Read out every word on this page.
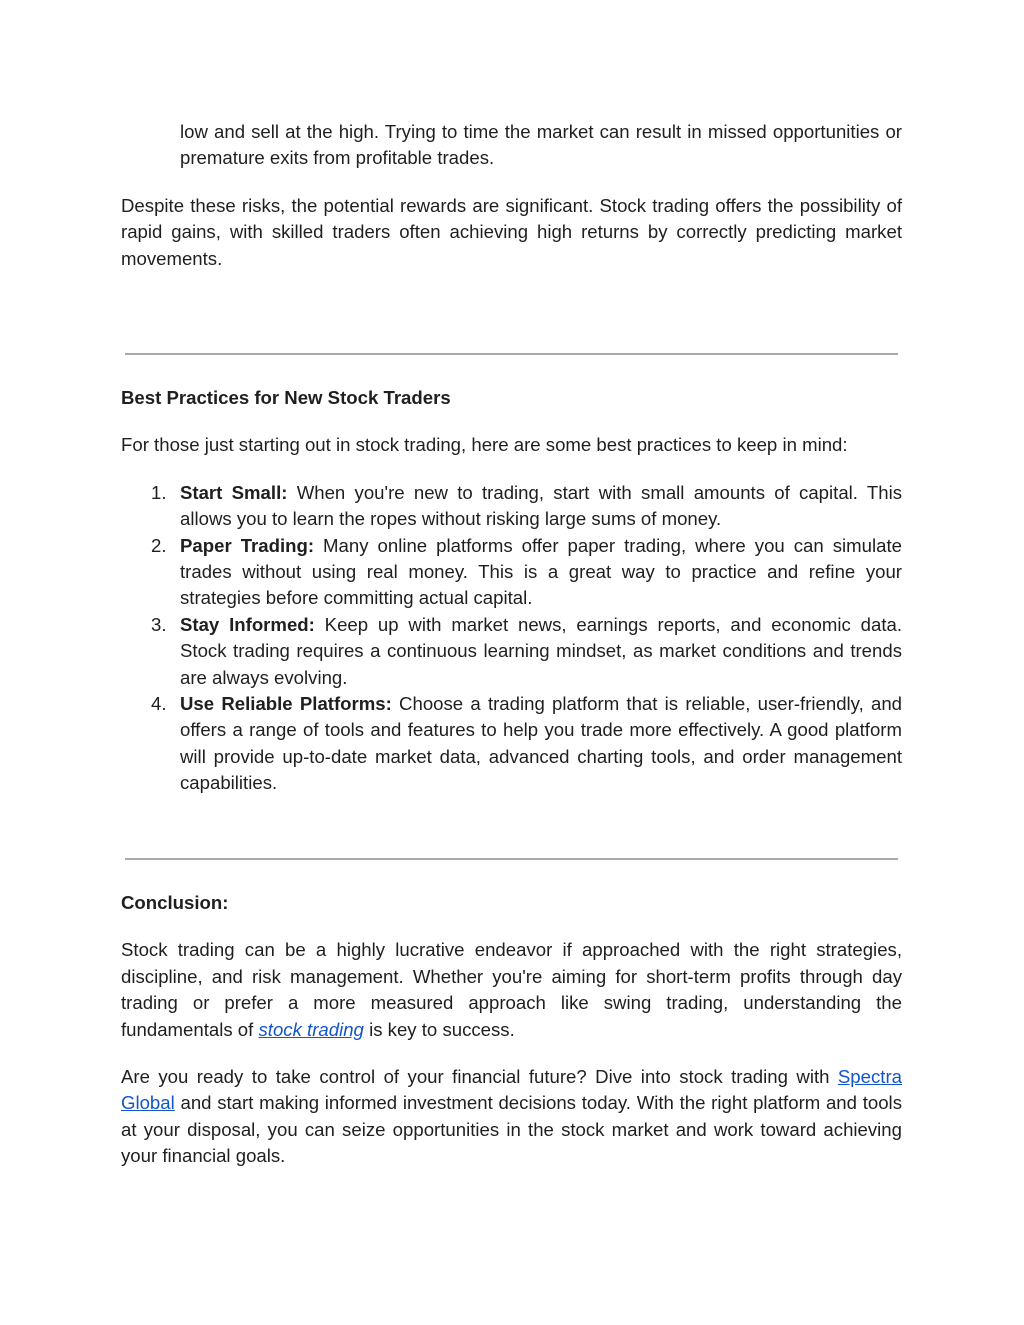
low and sell at the high. Trying to time the market can result in missed opportunities or premature exits from profitable trades.

Despite these risks, the potential rewards are significant. Stock trading offers the possibility of rapid gains, with skilled traders often achieving high returns by correctly predicting market movements.

Best Practices for New Stock Traders

For those just starting out in stock trading, here are some best practices to keep in mind:

1. Start Small: When you're new to trading, start with small amounts of capital. This allows you to learn the ropes without risking large sums of money.
2. Paper Trading: Many online platforms offer paper trading, where you can simulate trades without using real money. This is a great way to practice and refine your strategies before committing actual capital.
3. Stay Informed: Keep up with market news, earnings reports, and economic data. Stock trading requires a continuous learning mindset, as market conditions and trends are always evolving.
4. Use Reliable Platforms: Choose a trading platform that is reliable, user-friendly, and offers a range of tools and features to help you trade more effectively. A good platform will provide up-to-date market data, advanced charting tools, and order management capabilities.
Conclusion:

Stock trading can be a highly lucrative endeavor if approached with the right strategies, discipline, and risk management. Whether you're aiming for short-term profits through day trading or prefer a more measured approach like swing trading, understanding the fundamentals of stock trading is key to success.

Are you ready to take control of your financial future? Dive into stock trading with Spectra Global and start making informed investment decisions today. With the right platform and tools at your disposal, you can seize opportunities in the stock market and work toward achieving your financial goals.
